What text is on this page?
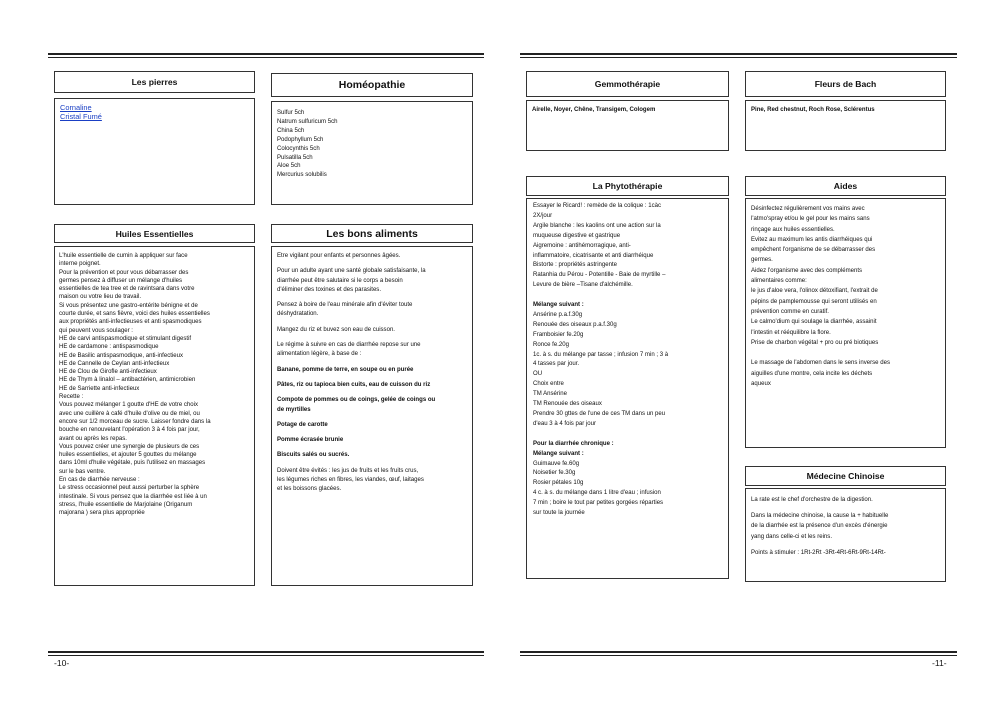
Les pierres
Cornaline
Cristal Fumé
Homéopathie
Sulfur 5ch
Natrum sulfuricum 5ch
China 5ch
Podophyllum 5ch
Colocynthis 5ch
Pulsatilla 5ch
Aloe 5ch
Mercurius solubilis
Huiles Essentielles
L'huile essentielle de cumin à appliquer sur face
interne poignet.
Pour la prévention et pour vous débarrasser des
germes pensez à diffuser un mélange d'huiles
essentielles de tea tree et de ravintsara dans votre
maison ou votre lieu de travail.
Si vous présentez une gastro-entérite bénigne et de
courte durée, et sans fièvre, voici des huiles essentielles
aux propriétés anti-infectieuses et anti spasmodiques
qui peuvent vous soulager :
HE de carvi antispasmodique et stimulant digestif
HE de cardamone : antispasmodique
HE de Basilic antispasmodique, anti-infectieux
HE de Cannelle de Ceylan anti-infectieux
HE de Clou de Girofle anti-infectieux
HE de Thym à linalol – antibactérien, antimicrobien
HE de Sarriette anti-infectieux
Recette :
Vous pouvez mélanger 1 goutte d'HE de votre choix
avec une cuillère à café d'huile d'olive ou de miel, ou
encore sur 1/2 morceau de sucre. Laisser fondre dans la
bouche en renouvelant l'opération 3 à 4 fois par jour,
avant ou après les repas.
Vous pouvez créer une synergie de plusieurs de ces
huiles essentielles, et ajouter 5 gouttes du mélange
dans 10ml d'huile végétale, puis l'utilisez en massages
sur le bas ventre.
En cas de diarrhée nerveuse :
Le stress occasionnel peut aussi perturber la sphère
intestinale. Si vous pensez que la diarrhée est liée à un
stress, l'huile essentielle de Marjolaine (Origanum
majorana ) sera plus appropriée
Les bons aliments
Etre vigilant pour enfants et personnes âgées.
Pour un adulte ayant une santé globale satisfaisante, la
diarrhée peut être salutaire si le corps a besoin
d'éliminer des toxines et des parasites.
Pensez à boire de l'eau minérale afin d'éviter toute
déshydratation.
Mangez du riz et buvez son eau de cuisson.
Le régime à suivre en cas de diarrhée repose sur une
alimentation légère, à base de :
Banane, pomme de terre, en soupe ou en purée
Pâtes, riz ou tapioca bien cuits, eau de cuisson du riz
Compote de pommes ou de coings, gelée de coings ou
de myrtilles
Potage de carotte
Pomme écrasée brunie
Biscuits salés ou sucrés.
Doivent être évités : les jus de fruits et les fruits crus,
les légumes riches en fibres, les viandes, œuf, laitages
et les boissons glacées.
-10-
Gemmothérapie
Airelle, Noyer, Chêne, Transigem, Cologem
Fleurs de Bach
Pine, Red chestnut, Roch Rose, Sclérentus
La Phytothérapie
Essayer le Ricard! : remède de la colique : 1càc
2X/jour
Argile blanche : les kaolins ont une action sur la
muqueuse digestive et gastrique
Aigremoine : antihémorragique, anti-
inflammatoire, cicatrisante et anti diarrhéique
Bistorte : propriétés astringente
Ratanhia du Pérou - Potentille - Baie de myrtille –
Levure de bière –Tisane d'alchémille.
Mélange suivant :
Ansérine p.a.f.30g
Renouée des oiseaux p.a.f.30g
Framboisier fe.20g
Ronce fe.20g
1c. à s. du mélange par tasse ; infusion 7 min ; 3 à
4 tasses par jour.
OU
Choix entre
TM Ansérine
TM Renouée des oiseaux
Prendre 30 gttes de l'une de ces TM dans un peu
d'eau 3 à 4 fois par jour
Pour la diarrhée chronique :
Mélange suivant :
Guimauve fe.60g
Noisetier fe.30g
Rosier pétales 10g
4 c. à s. du mélange dans 1 litre d'eau ; infusion
7 min ; boire le tout par petites gorgées réparties
sur toute la journée
Aides
Désinfectez régulièrement vos mains avec
l'atmo'spray et/ou le gel pour les mains sans
rinçage aux huiles essentielles.
Evitez au maximum les antis diarrhéiques qui
empêchent l'organisme de se débarrasser des
germes.
Aidez l'organisme avec des compléments
alimentaires comme:
le jus d'aloe vera, l'olinox détoxifiant, l'extrait de
pépins de pamplemousse qui seront utilisés en
prévention comme en curatif.
Le calmo'dium qui soulage la diarrhée, assainit
l'intestin et rééquilibre la flore.
Prise de charbon végétal + pro ou pré biotiques
Le massage de l'abdomen dans le sens inverse des
aiguilles d'une montre, cela incite les déchets
aqueux
Médecine Chinoise
La rate est le chef d'orchestre de la digestion.
Dans la médecine chinoise, la cause la + habituelle
de la diarrhée est la présence d'un excès d'énergie
yang dans celle-ci et les reins.
Points à stimuler : 1Rt-2Rt -3Rt-4Rt-6Rt-9Rt-14Rt-
-11-
